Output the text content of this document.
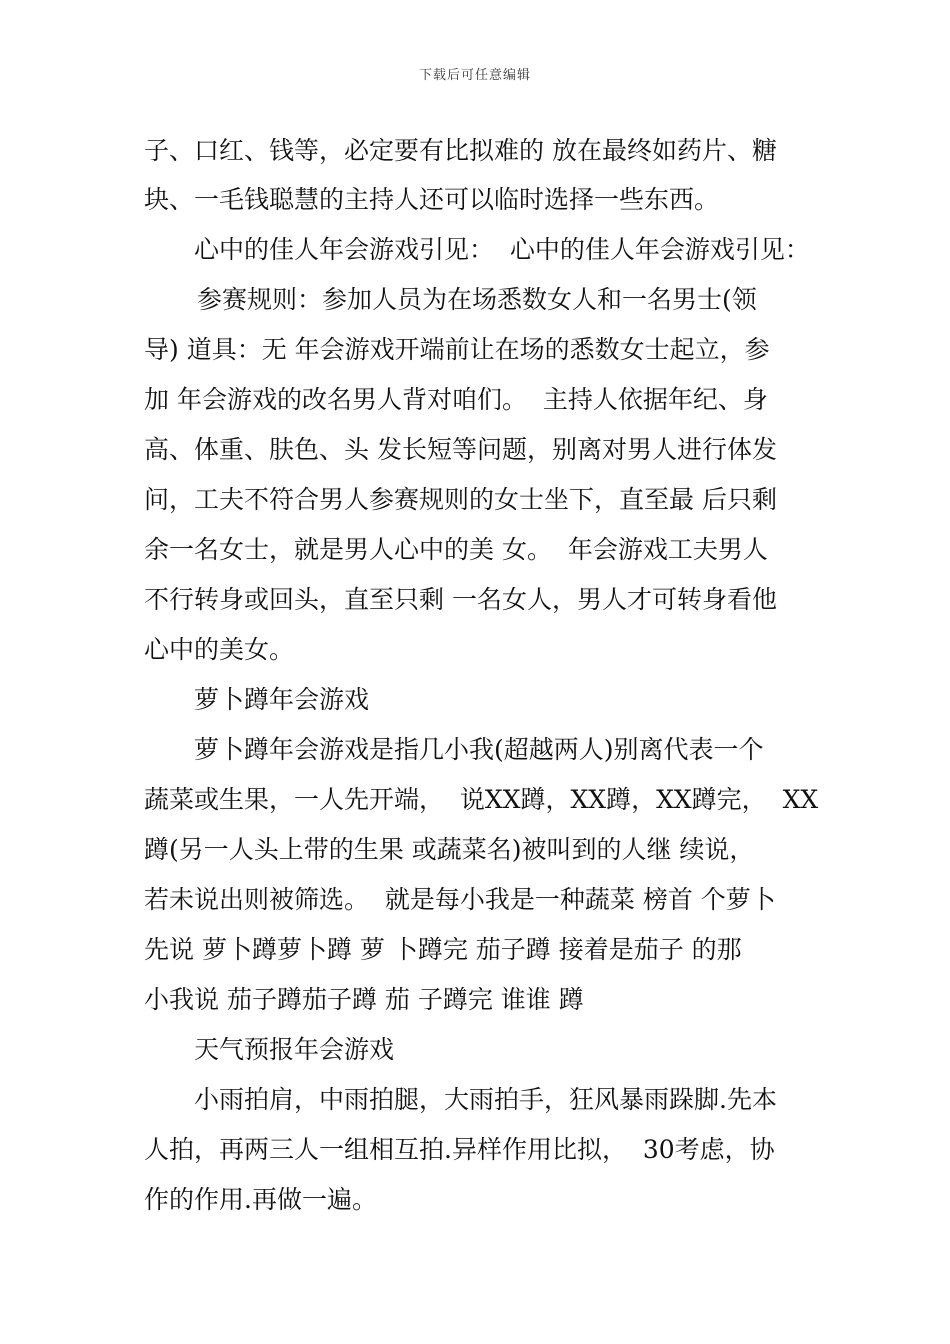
下载后可任意编辑
子、口红、钱等，必定要有比拟难的 放在最终如药片、糖
块、一毛钱聪慧的主持人还可以临时选择一些东西。
心中的佳人年会游戏引见：  心中的佳人年会游戏引见：
参赛规则：参加人员为在场悉数女人和一名男士(领
导) 道具：无 年会游戏开端前让在场的悉数女士起立，参
加 年会游戏的改名男人背对咱们。  主持人依据年纪、身
高、体重、肤色、头 发长短等问题，别离对男人进行体发
问，工夫不符合男人参赛规则的女士坐下，直至最 后只剩
余一名女士，就是男人心中的美 女。  年会游戏工夫男人
不行转身或回头，直至只剩 一名女人，男人才可转身看他
心中的美女。
萝卜蹲年会游戏
萝卜蹲年会游戏是指几小我(超越两人)别离代表一个
蔬菜或生果，一人先开端，  说XX蹲，XX蹲，XX蹲完，  XX
蹲(另一人头上带的生果 或蔬菜名)被叫到的人继 续说，
若未说出则被筛选。  就是每小我是一种蔬菜 榜首 个萝卜
先说 萝卜蹲萝卜蹲 萝 卜蹲完 茄子蹲 接着是茄子 的那
小我说 茄子蹲茄子蹲 茄 子蹲完 谁谁 蹲
天气预报年会游戏
小雨拍肩，中雨拍腿，大雨拍手，狂风暴雨跺脚.先本
人拍，再两三人一组相互拍.异样作用比拟，  30考虑，协
作的作用.再做一遍。
